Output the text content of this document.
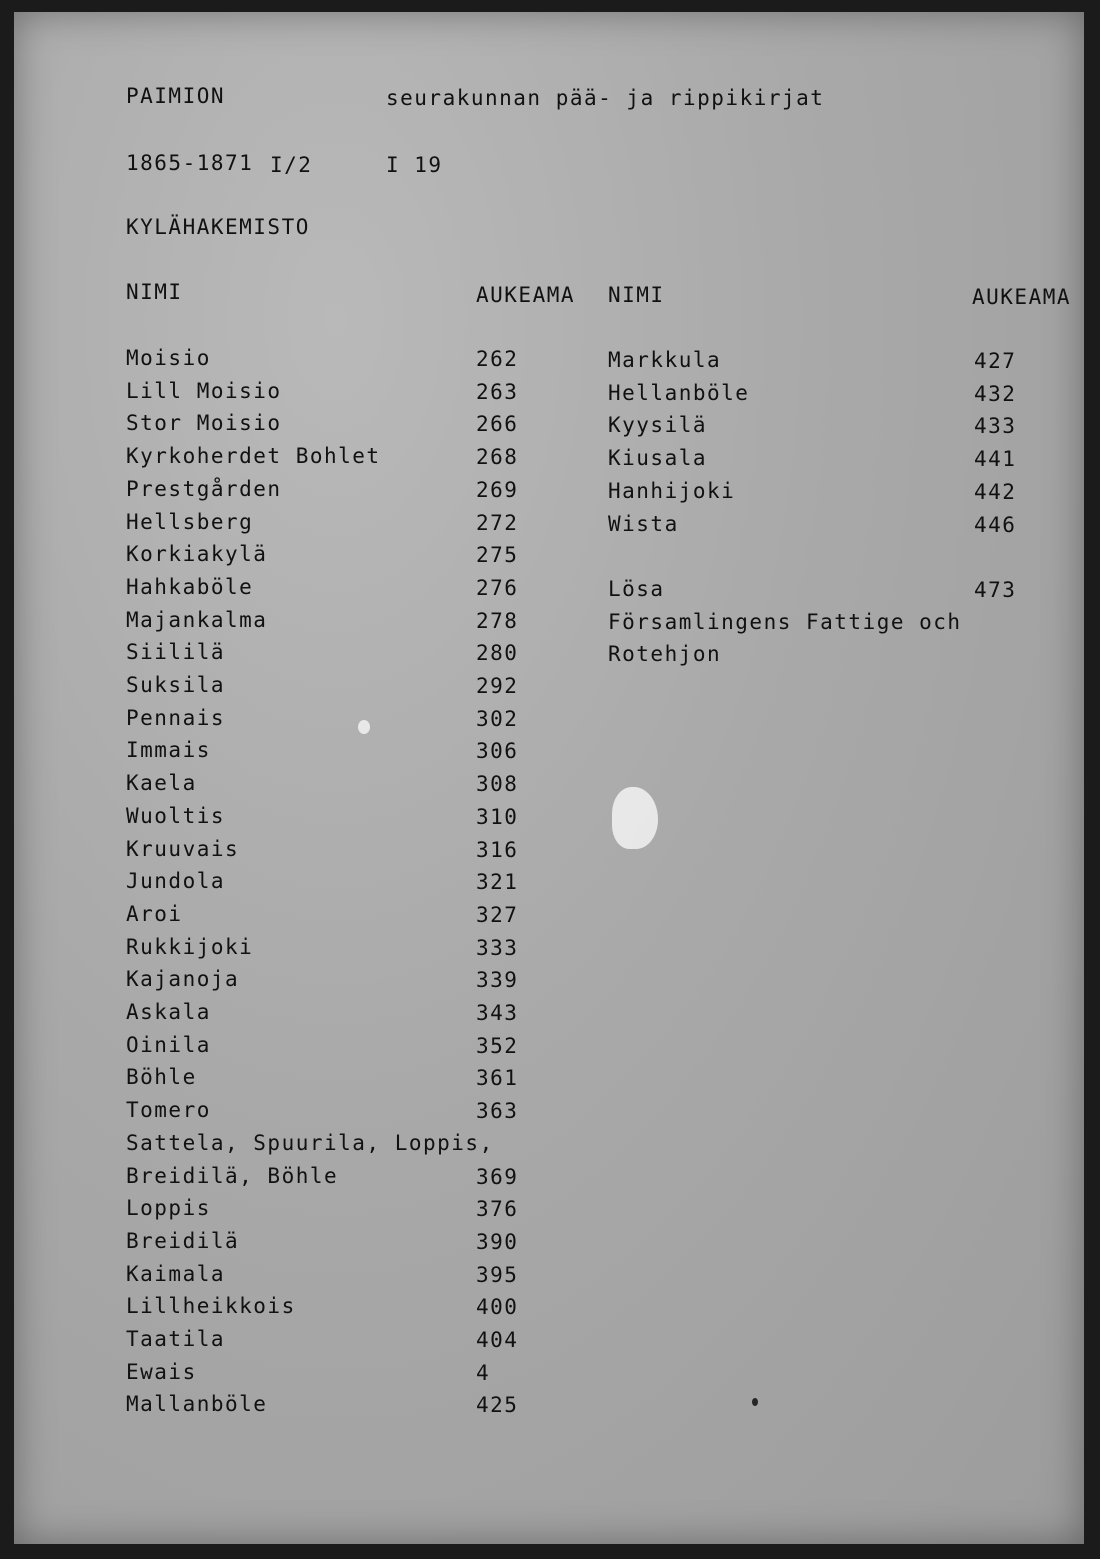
PAIMION	seurakunnan pää- ja rippikirjat
1865-1871 I/2	I 19
KYLÄHAKEMISTO
NIMI	AUKEAMA NIMI	AUKEAMA
Moisio	262
Lill Moisio	263
Stor Moisio	266
Kyrkoherdet Bohlet	268
Prestgården	269
Hellsberg	272
Korkiakylä	275
Hahkaböle	276
Majankalma	278
Siililä	280
Suksila	292
Pennais	302
Immais	306
Kaela	308
Wuoltis	310
Kruuvais	316
Jundola	321
Aroi	327
Rukkijoki	333
Kajanoja	339
Askala	343
Oinila	352
Böhle	361
Tomero	363
Sattela, Spuurila, Loppis,
Breidilä, Böhle	369
Loppis	376
Breidilä	390
Kaimala	395
Lillheikkois	400
Taatila	404
Ewais	4
Mallanböle	425
Markkula	427
Hellanböle	432
Kyysilä	433
Kiusala	441
Hanhijoki	442
Wista	446
Lösa	473
Församlingens Fattige och
Rotehjon
